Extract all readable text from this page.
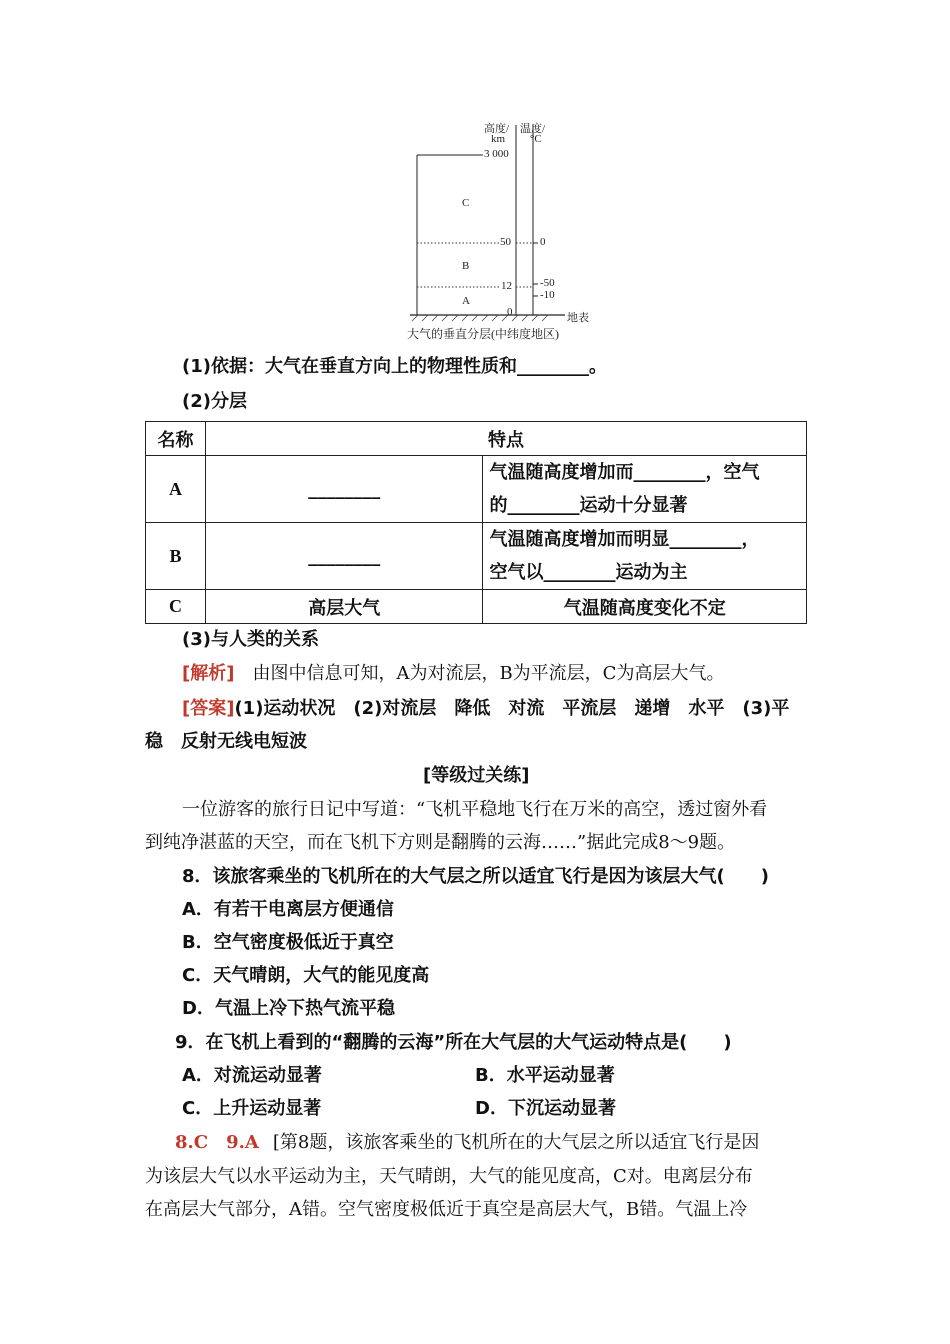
高度/
km
温度/
°C
3 000
50
12
0
0
-50
-10
C
B
A
地表
大气的垂直分层(中纬度地区)
(1)依据：大气在垂直方向上的物理性质和________。
(2)分层
名称	特点	
A	________	气温随高度增加而________，空气
的________运动十分显著

B	________	气温随高度增加而明显________，
空气以________运动为主

C	高层大气	气温随高度变化不定
(3)与人类的关系
[解析]　由图中信息可知，A为对流层，B为平流层，C为高层大气。
[答案](1)运动状况　(2)对流层　降低　对流　平流层　递增　水平　(3)平
稳　反射无线电短波
[等级过关练]
一位游客的旅行日记中写道：“飞机平稳地飞行在万米的高空，透过窗外看
到纯净湛蓝的天空，而在飞机下方则是翻腾的云海……”据此完成8～9题。
8．该旅客乘坐的飞机所在的大气层之所以适宜飞行是因为该层大气(　　)
A．有若干电离层方便通信
B．空气密度极低近于真空
C．天气晴朗，大气的能见度高
D．气温上冷下热气流平稳
9．在飞机上看到的“翻腾的云海”所在大气层的大气运动特点是(　　)
A．对流运动显著	B．水平运动显著
C．上升运动显著	D．下沉运动显著
8.C　9.A [第8题，该旅客乘坐的飞机所在的大气层之所以适宜飞行是因
为该层大气以水平运动为主，天气晴朗，大气的能见度高，C对。电离层分布
在高层大气部分，A错。空气密度极低近于真空是高层大气，B错。气温上冷
